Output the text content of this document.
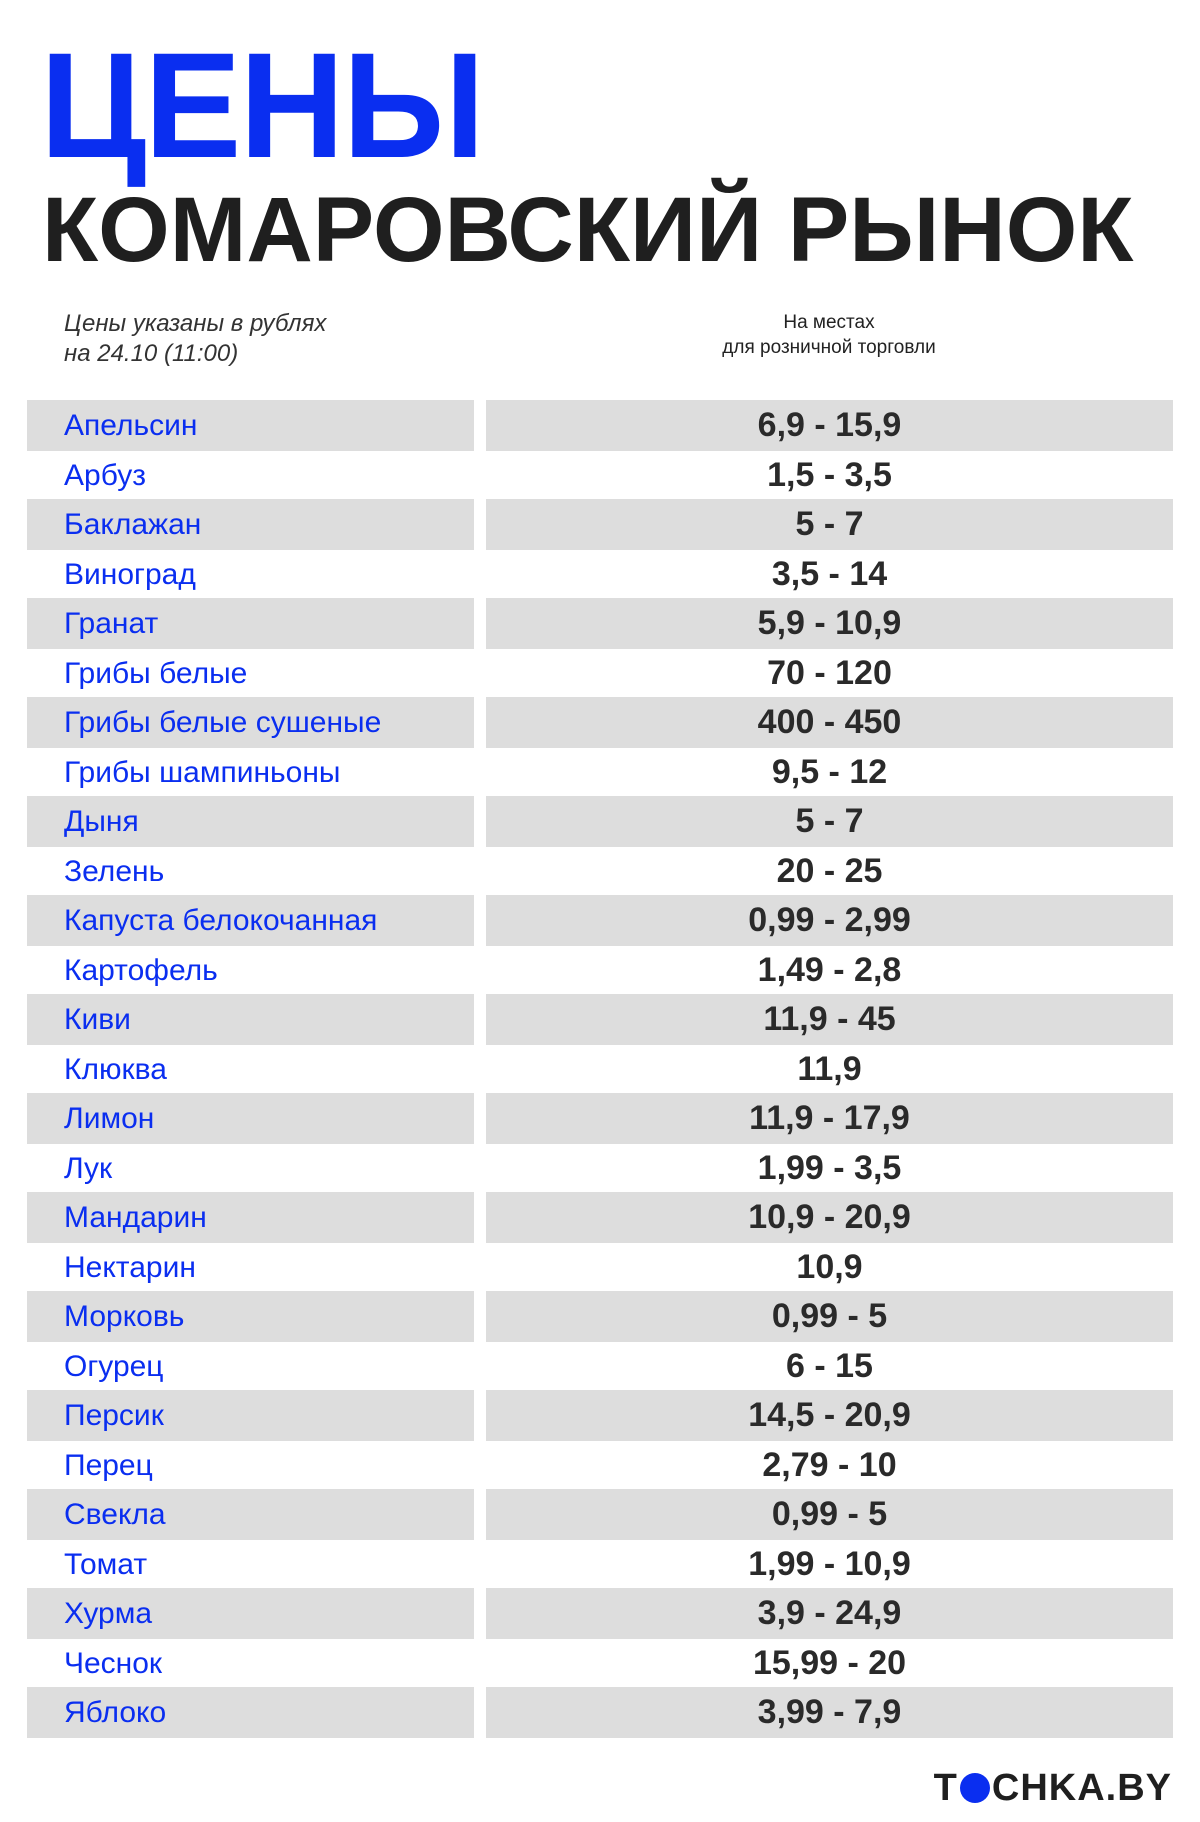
ЦЕНЫ
КОМАРОВСКИЙ РЫНОК
Цены указаны в рублях
на 24.10 (11:00)
На местах
для розничной торговли
Апельсин	6,9 - 15,9
Арбуз	1,5 - 3,5
Баклажан	5 - 7
Виноград	3,5 - 14
Гранат	5,9 - 10,9
Грибы белые	70 - 120
Грибы белые сушеные	400 - 450
Грибы шампиньоны	9,5 - 12
Дыня	5 - 7
Зелень	20 - 25
Капуста белокочанная	0,99 - 2,99
Картофель	1,49 - 2,8
Киви	11,9 - 45
Клюква	11,9
Лимон	11,9 - 17,9
Лук	1,99 - 3,5
Мандарин	10,9 - 20,9
Нектарин	10,9
Морковь	0,99 - 5
Огурец	6 - 15
Персик	14,5 - 20,9
Перец	2,79 - 10
Свекла	0,99 - 5
Томат	1,99 - 10,9
Хурма	3,9 - 24,9
Чеснок	15,99 - 20
Яблоко	3,99 - 7,9
T CHKA.BY
